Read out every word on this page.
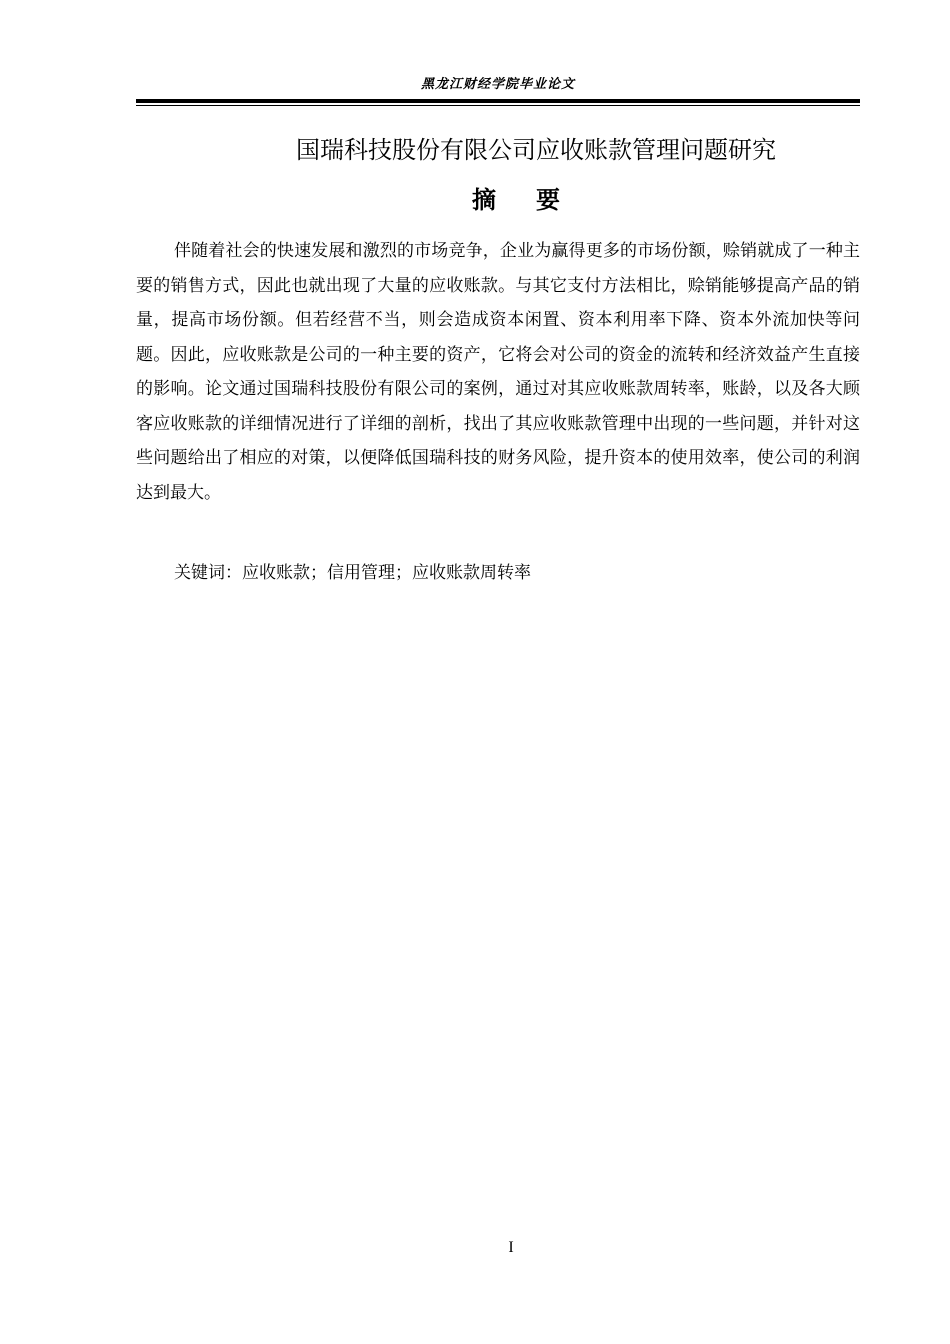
黑龙江财经学院毕业论文
国瑞科技股份有限公司应收账款管理问题研究
摘要

伴随着社会的快速发展和激烈的市场竞争，企业为赢得更多的市场份额，赊销就成了一种主要的销售方式，因此也就出现了大量的应收账款。与其它支付方法相比，赊销能够提高产品的销量，提高市场份额。但若经营不当，则会造成资本闲置、资本利用率下降、资本外流加快等问题。因此，应收账款是公司的一种主要的资产，它将会对公司的资金的流转和经济效益产生直接的影响。论文通过国瑞科技股份有限公司的案例，通过对其应收账款周转率，账龄，以及各大顾客应收账款的详细情况进行了详细的剖析，找出了其应收账款管理中出现的一些问题，并针对这些问题给出了相应的对策，以便降低国瑞科技的财务风险，提升资本的使用效率，使公司的利润达到最大。

关键词：应收账款；信用管理；应收账款周转率
I
